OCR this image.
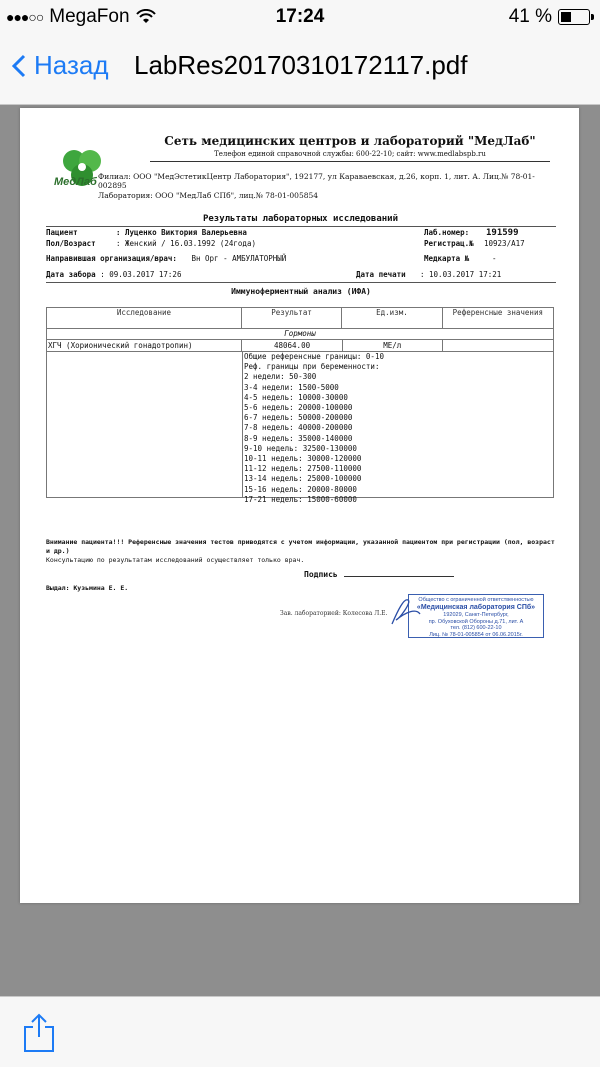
●●●○○ MegaFon	17:24	41 %
Назад LabRes20170310172117.pdf
МедЛаб
Сеть медицинских центров и лабораторий "МедЛаб"
Телефон единой справочной службы: 600-22-10; сайт: www.medlabspb.ru
Филиал: ООО "МедЭстетикЦентр Лаборатория", 192177, ул Караваевская, д.26, корп. 1, лит. А. Лиц.№ 78-01-002895
Лаборатория: ООО "МедЛаб СПб", лиц.№ 78-01-005854
Результаты лабораторных исследований
Пациент	: Луценко Виктория Валерьевна	Лаб.номер: 191599
Пол/Возраст	: Женский / 16.03.1992 (24года)	Регистрац.№ 10923/А17
Направившая организация/врач: Вн Орг - АМБУЛАТОРНЫЙ	Медкарта №	-
Дата забора : 09.03.2017 17:26	Дата печати : 10.03.2017 17:21
Иммуноферментный анализ (ИФА)
Исследование	Результат	Ед.изм.	Референсные значения
Гормоны
ХГЧ (Хорионический гонадотропин)	48064.00	МЕ/л
Общие референсные границы: 0-10
Реф. границы при беременности:
2 недели: 50-300
3-4 недели: 1500-5000
4-5 недель: 10000-30000
5-6 недель: 20000-100000
6-7 недель: 50000-200000
7-8 недель: 40000-200000
8-9 недель: 35000-140000
9-10 недель: 32500-130000
10-11 недель: 30000-120000
11-12 недель: 27500-110000
13-14 недель: 25000-100000
15-16 недель: 20000-80000
17-21 недель: 15000-60000
Внимание пациента!!! Референсные значения тестов приводятся с учетом информации, указанной пациентом при регистрации (пол, возраст и др.)
Консультацию по результатам исследований осуществляет только врач.
Подпись
Выдал: Кузьмина Е. Е.
Зав. лабораторией: Колесова Л.Е.
Общество с ограниченной ответственностью
«Медицинская лаборатория СПб»
192029, Санкт-Петербург,
пр. Обуховской Обороны д.71, лит. А
тел. (812) 600-22-10
Лиц. № 78-01-005854 от 06.06.2015г.
